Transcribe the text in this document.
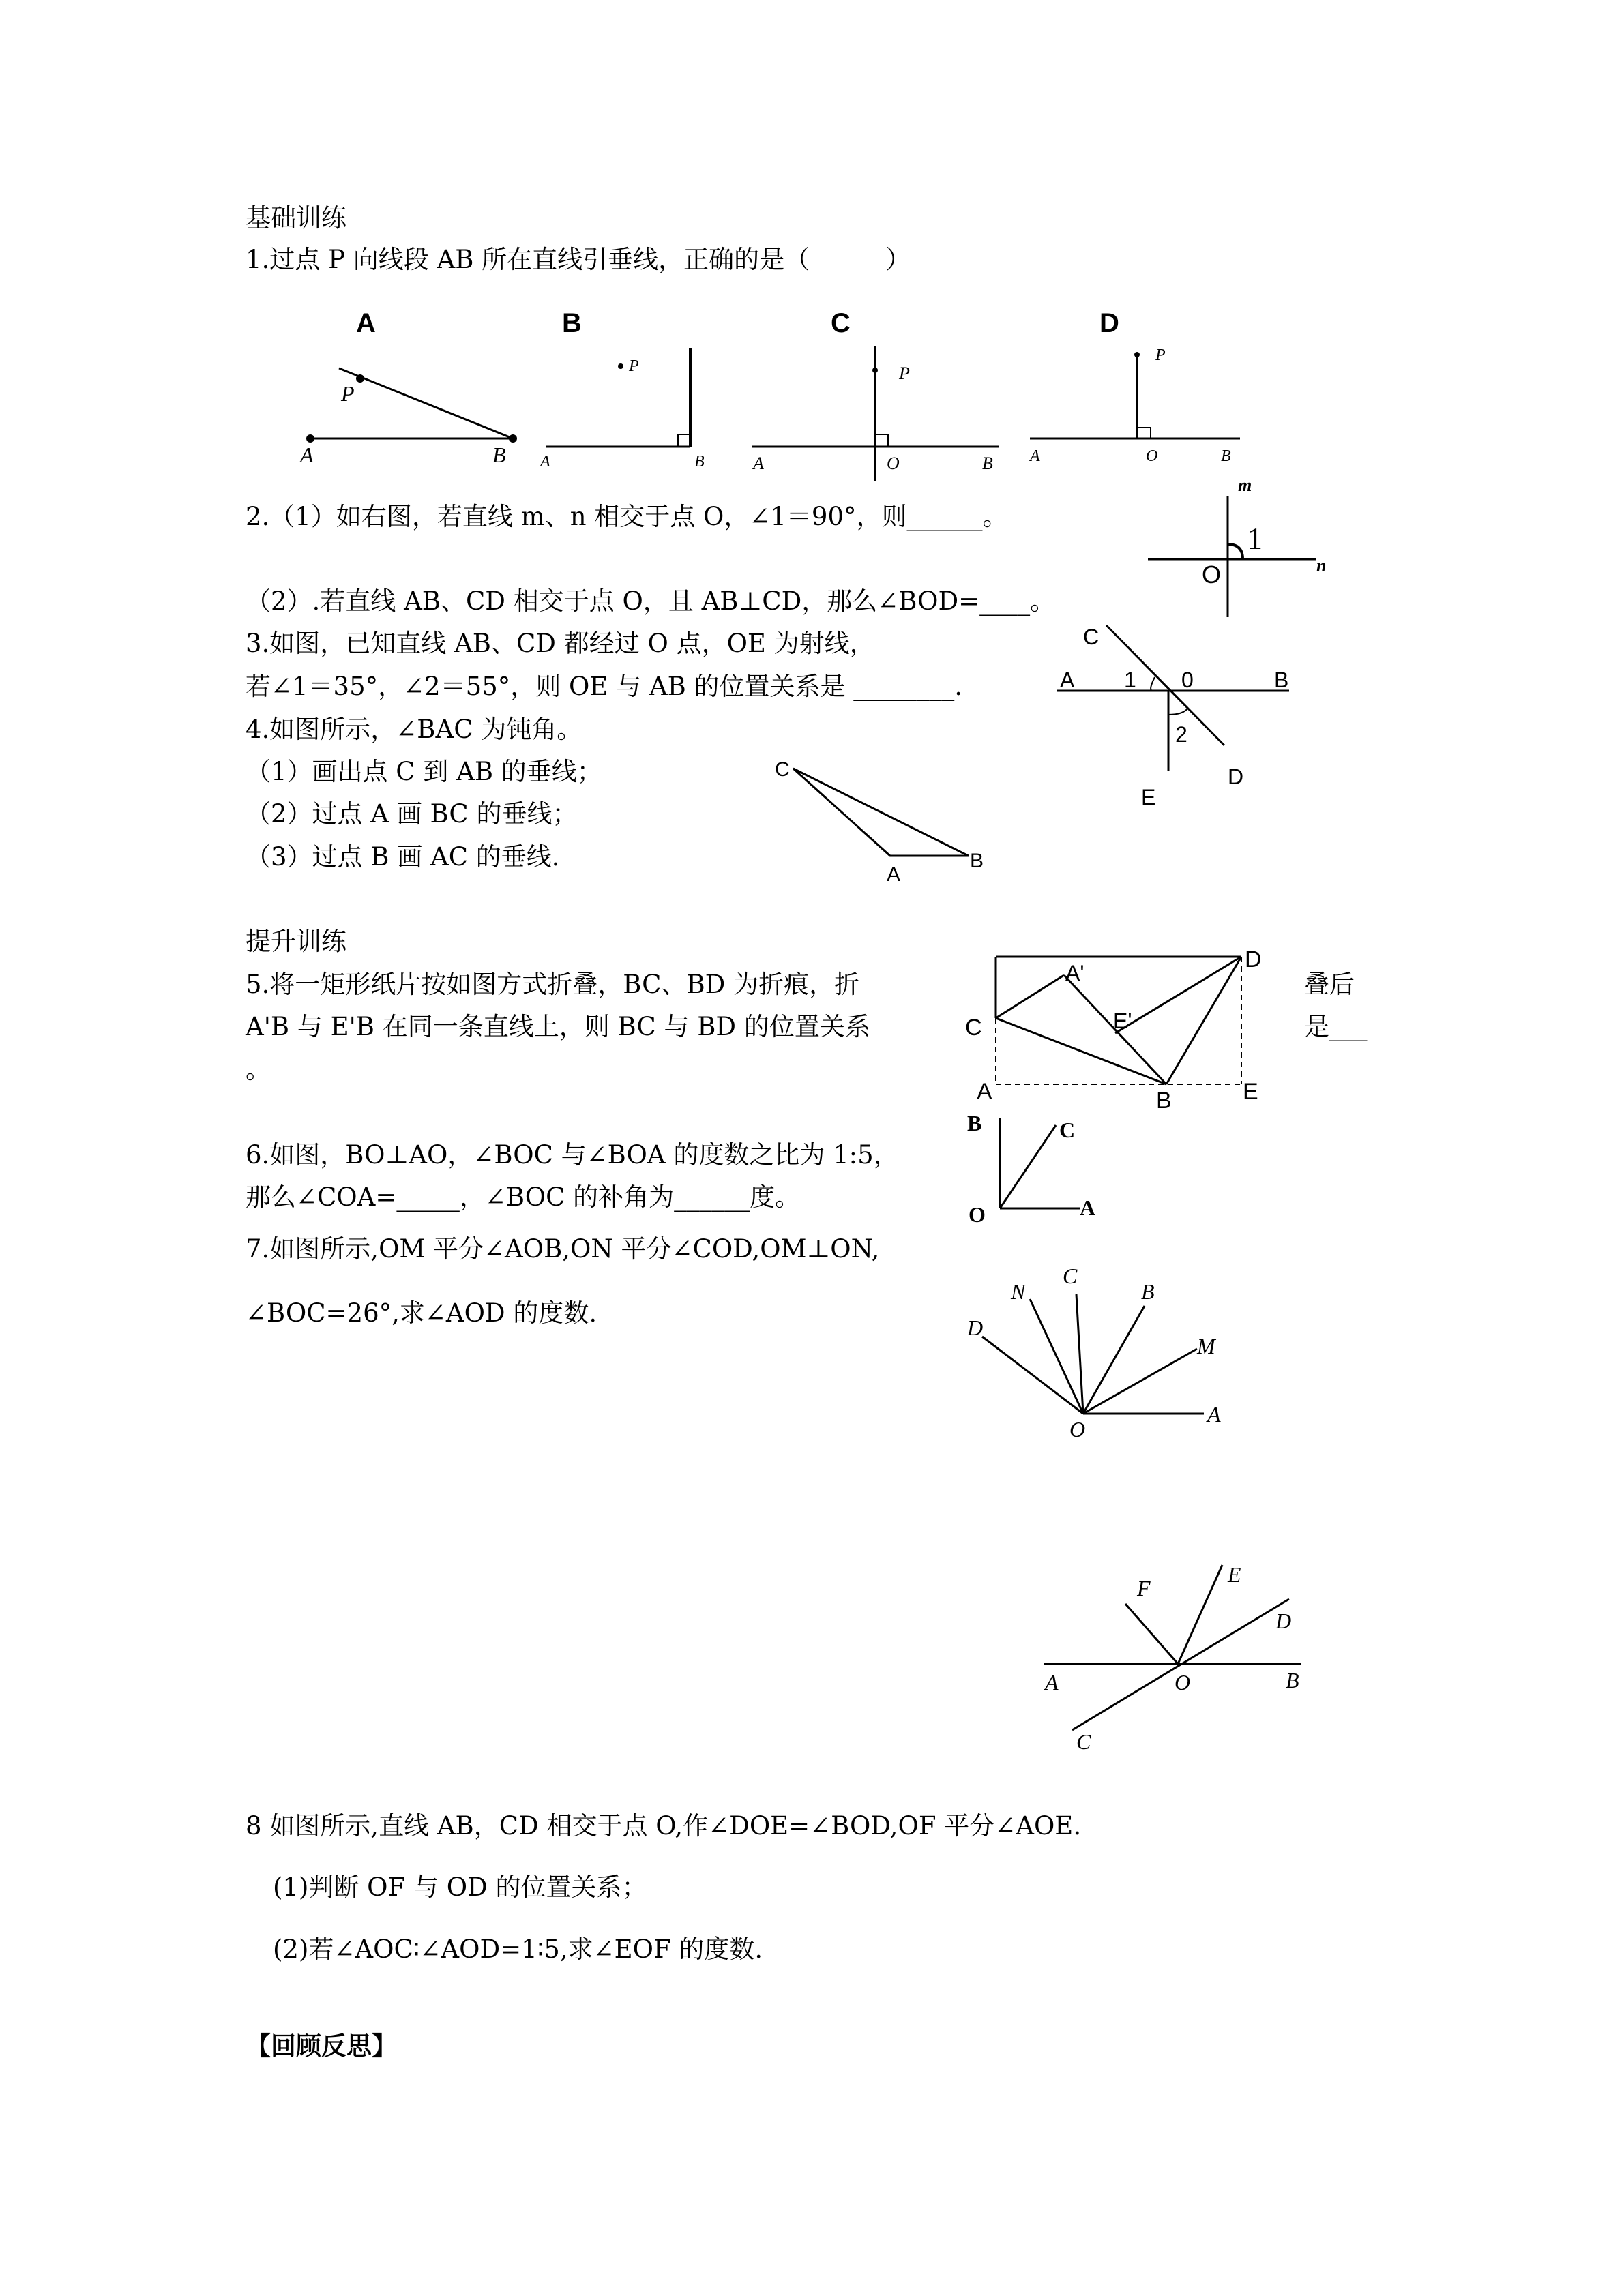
基础训练
1.过点 P 向线段 AB 所在直线引垂线，正确的是（　　　）
A
P
A	B
B
P
A	B
C
P
A	O	B
D
P
A	O	B
m
1
n
O
C
A 1 0	B
2
E
D
C
A
B
D
A'
C	E'
A	B	E
B	C
O	A
N
C
B
D
M
O
A
F
E
D
A	O	B
C
2.（1）如右图，若直线 m、n 相交于点 O，∠1＝90°，则______。
（2）.若直线 AB、CD 相交于点 O，且 AB⊥CD，那么∠BOD=____。
3.如图，已知直线 AB、CD 都经过 O 点，OE 为射线，
若∠1＝35°，∠2＝55°，则 OE 与 AB 的位置关系是 ________.
4.如图所示，∠BAC 为钝角。
（1）画出点 C 到 AB 的垂线；
（2）过点 A 画 BC 的垂线；
（3）过点 B 画 AC 的垂线.
提升训练
5.将一矩形纸片按如图方式折叠，BC、BD 为折痕，折	叠后
A'B 与 E'B 在同一条直线上，则 BC 与 BD 的位置关系	是___
。
6.如图，BO⊥AO，∠BOC 与∠BOA 的度数之比为 1:5，
那么∠COA=_____，∠BOC 的补角为______度。
7.如图所示,OM 平分∠AOB,ON 平分∠COD,OM⊥ON,
∠BOC=26°,求∠AOD 的度数.
8 如图所示,直线 AB，CD 相交于点 O,作∠DOE=∠BOD,OF 平分∠AOE.
(1)判断 OF 与 OD 的位置关系；
(2)若∠AOC∶∠AOD=1∶5,求∠EOF 的度数.
【回顾反思】
